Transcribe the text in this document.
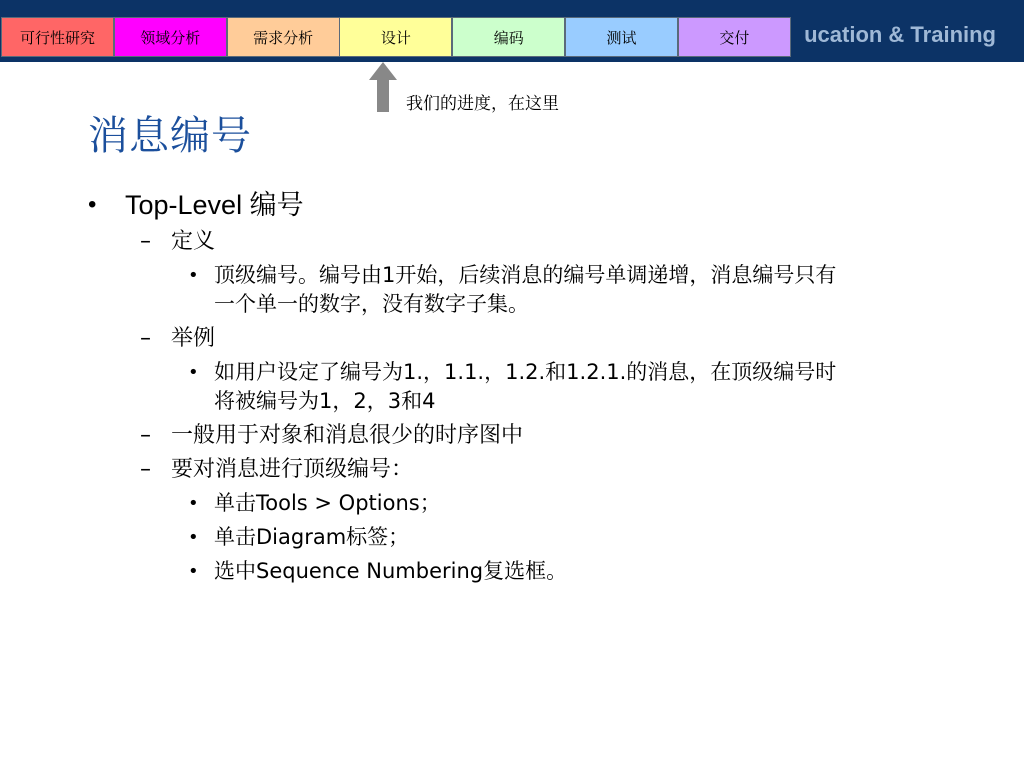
ucation & Training
可行性研究	领域分析	需求分析	设计	编码	测试	交付
我们的进度，在这里
消息编号
• Top-Level 编号
– 定义
• 顶级编号。编号由1开始，后续消息的编号单调递增，消息编号只有一个单一的数字，没有数字子集。
– 举例
• 如用户设定了编号为1.，1.1.，1.2.和1.2.1.的消息，在顶级编号时将被编号为1，2，3和4
– 一般用于对象和消息很少的时序图中
– 要对消息进行顶级编号：
• 单击Tools > Options；
• 单击Diagram标签；
• 选中Sequence Numbering复选框。
